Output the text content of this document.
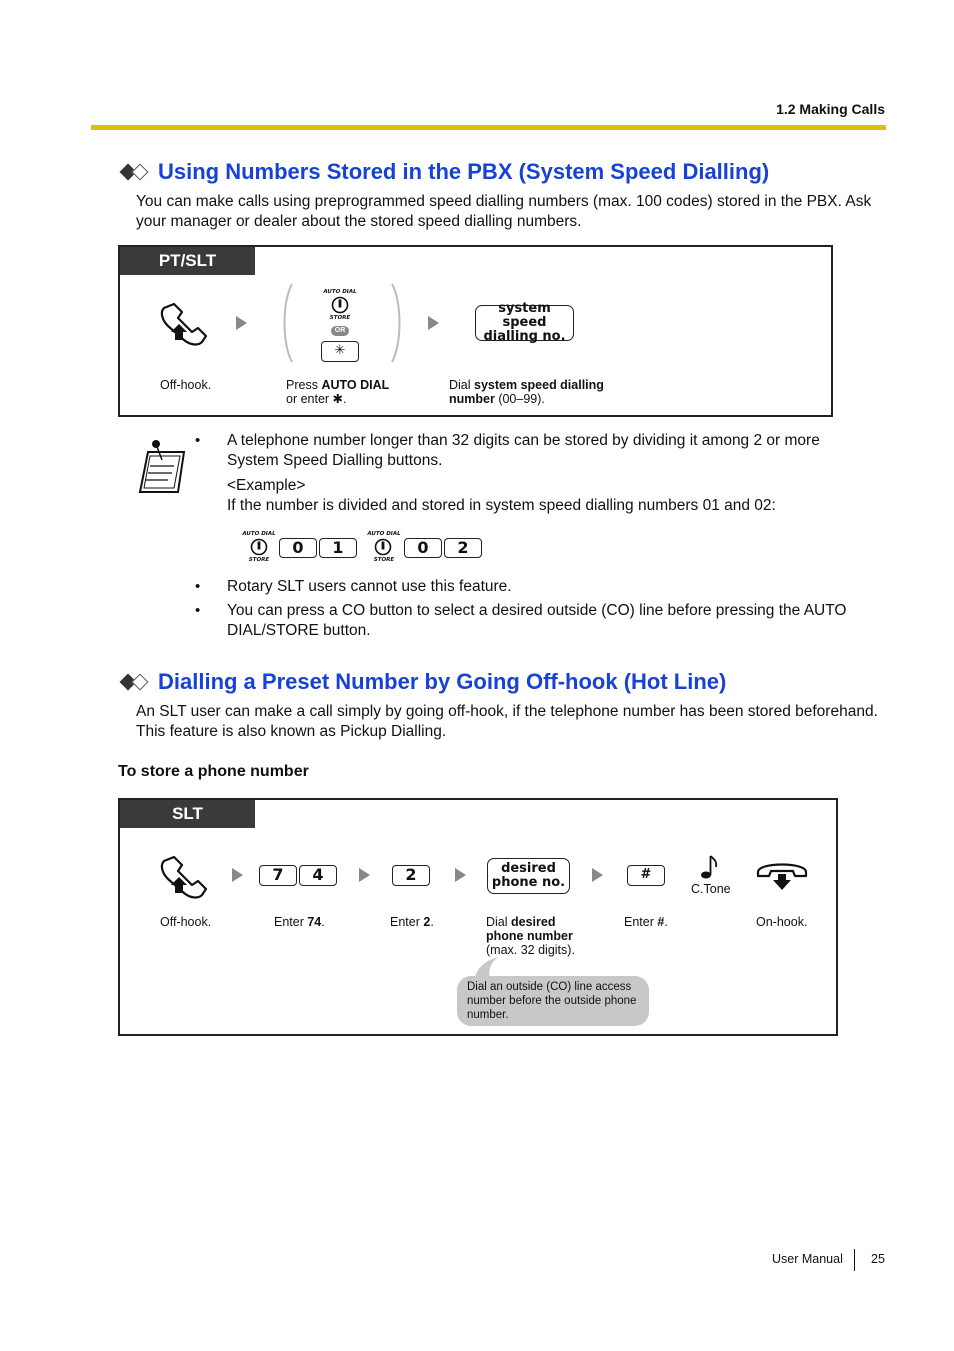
1.2 Making Calls
Using Numbers Stored in the PBX (System Speed Dialling)
You can make calls using preprogrammed speed dialling numbers (max. 100 codes) stored in the PBX. Ask
your manager or dealer about the stored speed dialling numbers.
PT/SLT
AUTO DIAL
STORE
OR
✳
system speed
dialling no.
Off-hook.	Press AUTO DIAL
or enter ✱.
Dial system speed dialling
number (00–99).
• A telephone number longer than 32 digits can be stored by dividing it among 2 or more
System Speed Dialling buttons.
<Example>
If the number is divided and stored in system speed dialling numbers 01 and 02:
AUTO DIAL
STORE
0	1
AUTO DIAL
STORE
0	2
• Rotary SLT users cannot use this feature.
• You can press a CO button to select a desired outside (CO) line before pressing the AUTO
DIAL/STORE button.
Dialling a Preset Number by Going Off-hook (Hot Line)
An SLT user can make a call simply by going off-hook, if the telephone number has been stored beforehand.
This feature is also known as Pickup Dialling.
To store a phone number
SLT
7	4	2	desired
phone no.
#
C.Tone
Off-hook.	Enter 74.	Enter 2.	Dial desired
phone number
(max. 32 digits).
Enter #.	On-hook.
Dial an outside (CO) line access
number before the outside phone
number.
User Manual 25
